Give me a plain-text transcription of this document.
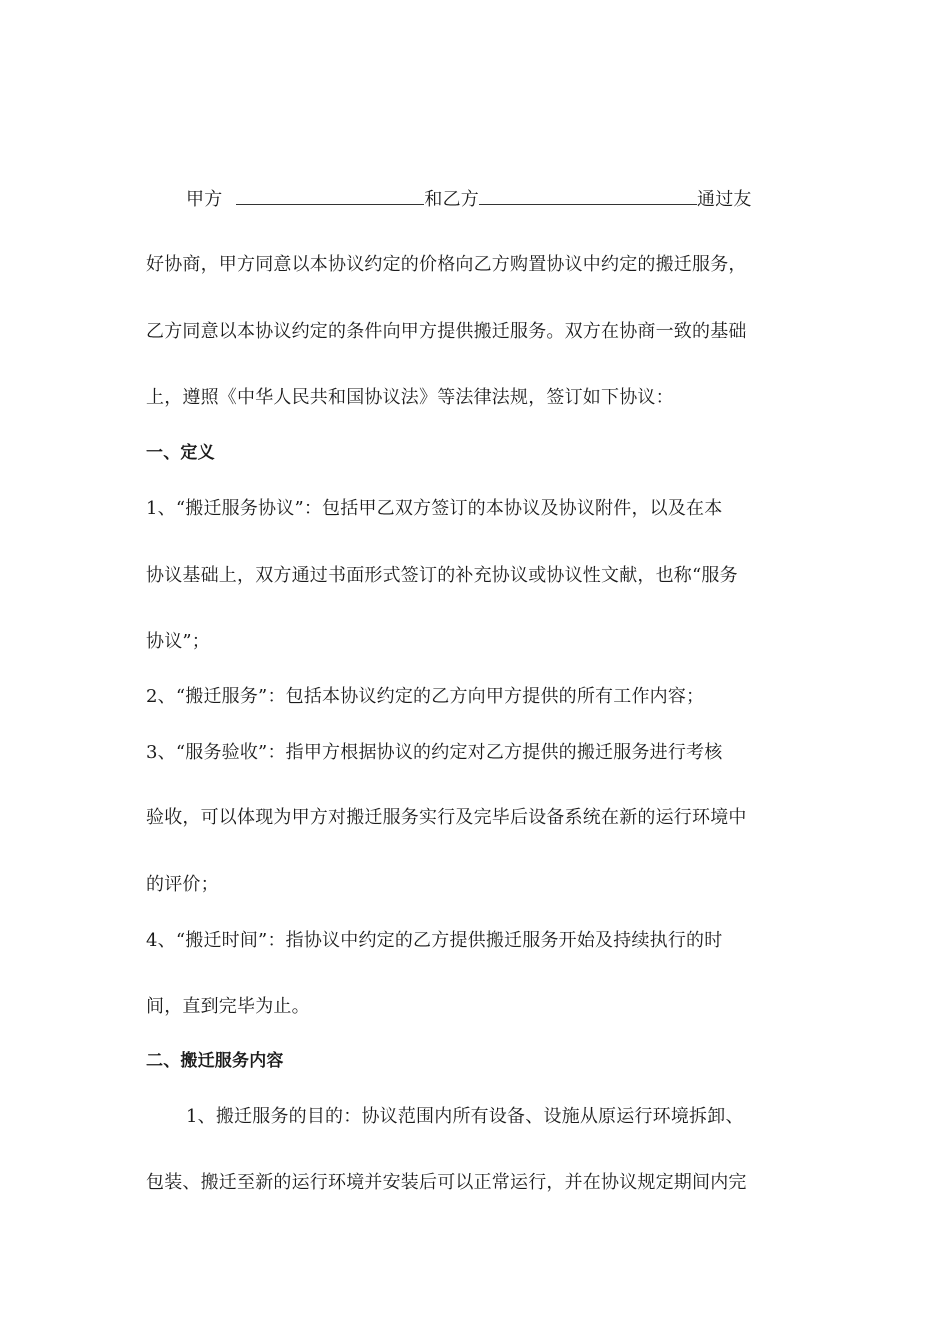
甲方	和乙方	通过友
好协商，甲方同意以本协议约定的价格向乙方购置协议中约定的搬迁服务，
乙方同意以本协议约定的条件向甲方提供搬迁服务。双方在协商一致的基础
上，遵照《中华人民共和国协议法》等法律法规，签订如下协议：
一、定义
1、“搬迁服务协议”：包括甲乙双方签订的本协议及协议附件，以及在本
协议基础上，双方通过书面形式签订的补充协议或协议性文献，也称“服务
协议”；
2、“搬迁服务”：包括本协议约定的乙方向甲方提供的所有工作内容；
3、“服务验收”：指甲方根据协议的约定对乙方提供的搬迁服务进行考核
验收，可以体现为甲方对搬迁服务实行及完毕后设备系统在新的运行环境中
的评价；
4、“搬迁时间”：指协议中约定的乙方提供搬迁服务开始及持续执行的时
间，直到完毕为止。
二、搬迁服务内容
1、搬迁服务的目的：协议范围内所有设备、设施从原运行环境拆卸、
包装、搬迁至新的运行环境并安装后可以正常运行，并在协议规定期间内完
